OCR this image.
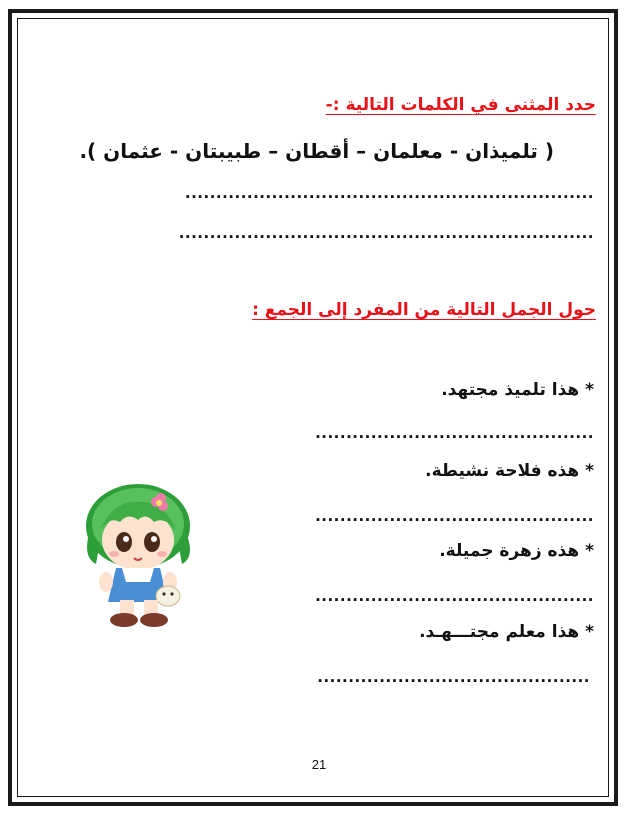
حدد المثنى في الكلمات التالية :-
( تلميذان - معلمان – أقطان – طبيبتان - عثمان ).
..................................................................
...................................................................
حول الجمل التالية من المفرد إلى الجمع :
* هذا تلميذ مجتهد.
.............................................
* هذه فلاحة نشيطة.
.............................................
* هذه زهرة جميلة.
.............................................
* هذا معلم مجتـــهـد.
............................................
21
